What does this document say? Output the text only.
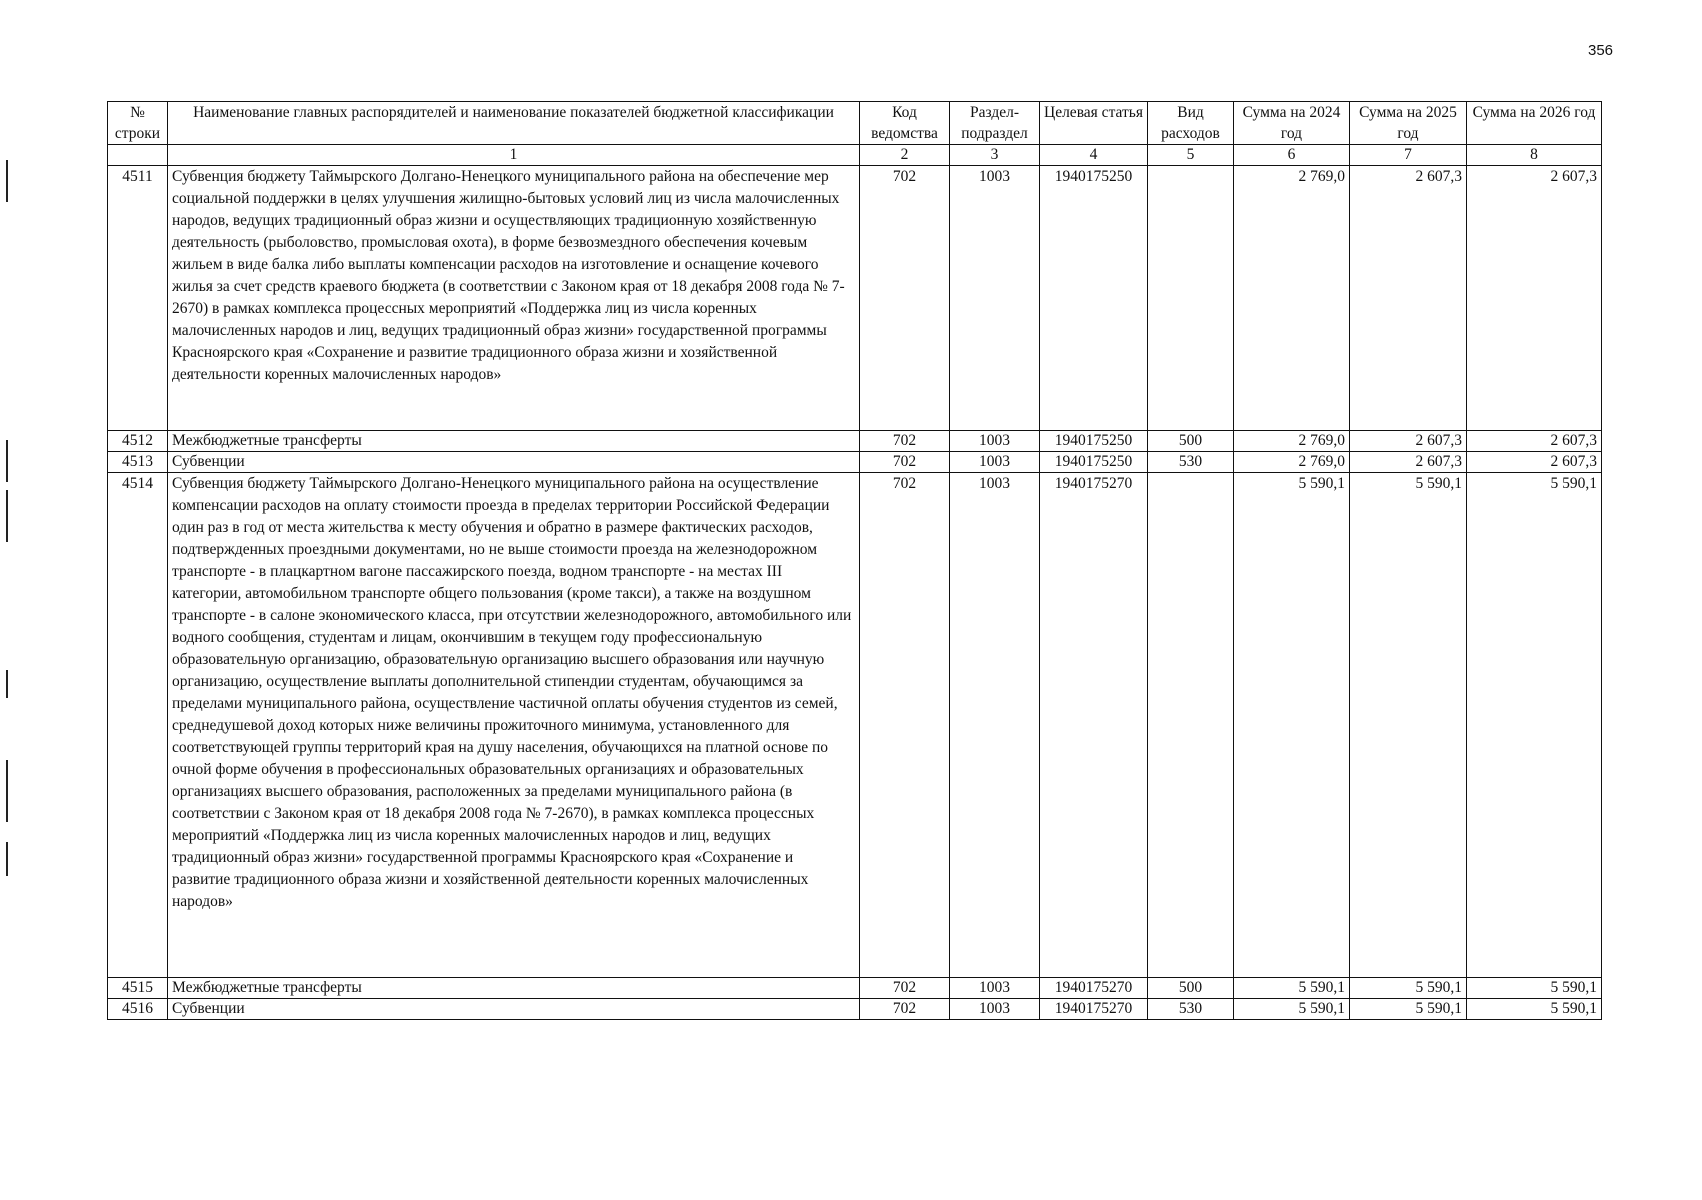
356
№ строки	Наименование главных распорядителей и наименование показателей бюджетной классификации	Код ведомства	Раздел-подраздел	Целевая статья	Вид расходов	Сумма на 2024 год	Сумма на 2025 год	Сумма на 2026 год
	1	2	3	4	5	6	7	8
4511	Субвенция бюджету Таймырского Долгано-Ненецкого муниципального района на обеспечение мер социальной поддержки в целях улучшения жилищно-бытовых условий лиц из числа малочисленных народов, ведущих традиционный образ жизни и осуществляющих традиционную хозяйственную деятельность (рыболовство, промысловая охота), в форме безвозмездного обеспечения кочевым жильем в виде балка либо выплаты компенсации расходов на изготовление и оснащение кочевого жилья за счет средств краевого бюджета (в соответствии с Законом края от 18 декабря 2008 года № 7-2670) в рамках комплекса процессных мероприятий «Поддержка лиц из числа коренных малочисленных народов и лиц, ведущих традиционный образ жизни» государственной программы Красноярского края «Сохранение и развитие традиционного образа жизни и хозяйственной деятельности коренных малочисленных народов»	702	1003	1940175250		2 769,0	2 607,3	2 607,3
4512	Межбюджетные трансферты	702	1003	1940175250	500	2 769,0	2 607,3	2 607,3
4513	Субвенции	702	1003	1940175250	530	2 769,0	2 607,3	2 607,3
4514	Субвенция бюджету Таймырского Долгано-Ненецкого муниципального района на осуществление компенсации расходов на оплату стоимости проезда в пределах территории Российской Федерации один раз в год от места жительства к месту обучения и обратно в размере фактических расходов, подтвержденных проездными документами, но не выше стоимости проезда на железнодорожном транспорте - в плацкартном вагоне пассажирского поезда, водном транспорте - на местах III категории, автомобильном транспорте общего пользования (кроме такси), а также на воздушном транспорте - в салоне экономического класса, при отсутствии железнодорожного, автомобильного или водного сообщения, студентам и лицам, окончившим в текущем году профессиональную образовательную организацию, образовательную организацию высшего образования или научную организацию, осуществление выплаты дополнительной стипендии студентам, обучающимся за пределами муниципального района, осуществление частичной оплаты обучения студентов из семей, среднедушевой доход которых ниже величины прожиточного минимума, установленного для соответствующей группы территорий края на душу населения, обучающихся на платной основе по очной форме обучения в профессиональных образовательных организациях и образовательных организациях высшего образования, расположенных за пределами муниципального района (в соответствии с Законом края от 18 декабря 2008 года № 7-2670), в рамках комплекса процессных мероприятий «Поддержка лиц из числа коренных малочисленных народов и лиц, ведущих традиционный образ жизни» государственной программы Красноярского края «Сохранение и развитие традиционного образа жизни и хозяйственной деятельности коренных малочисленных народов»	702	1003	1940175270		5 590,1	5 590,1	5 590,1
4515	Межбюджетные трансферты	702	1003	1940175270	500	5 590,1	5 590,1	5 590,1
4516	Субвенции	702	1003	1940175270	530	5 590,1	5 590,1	5 590,1
